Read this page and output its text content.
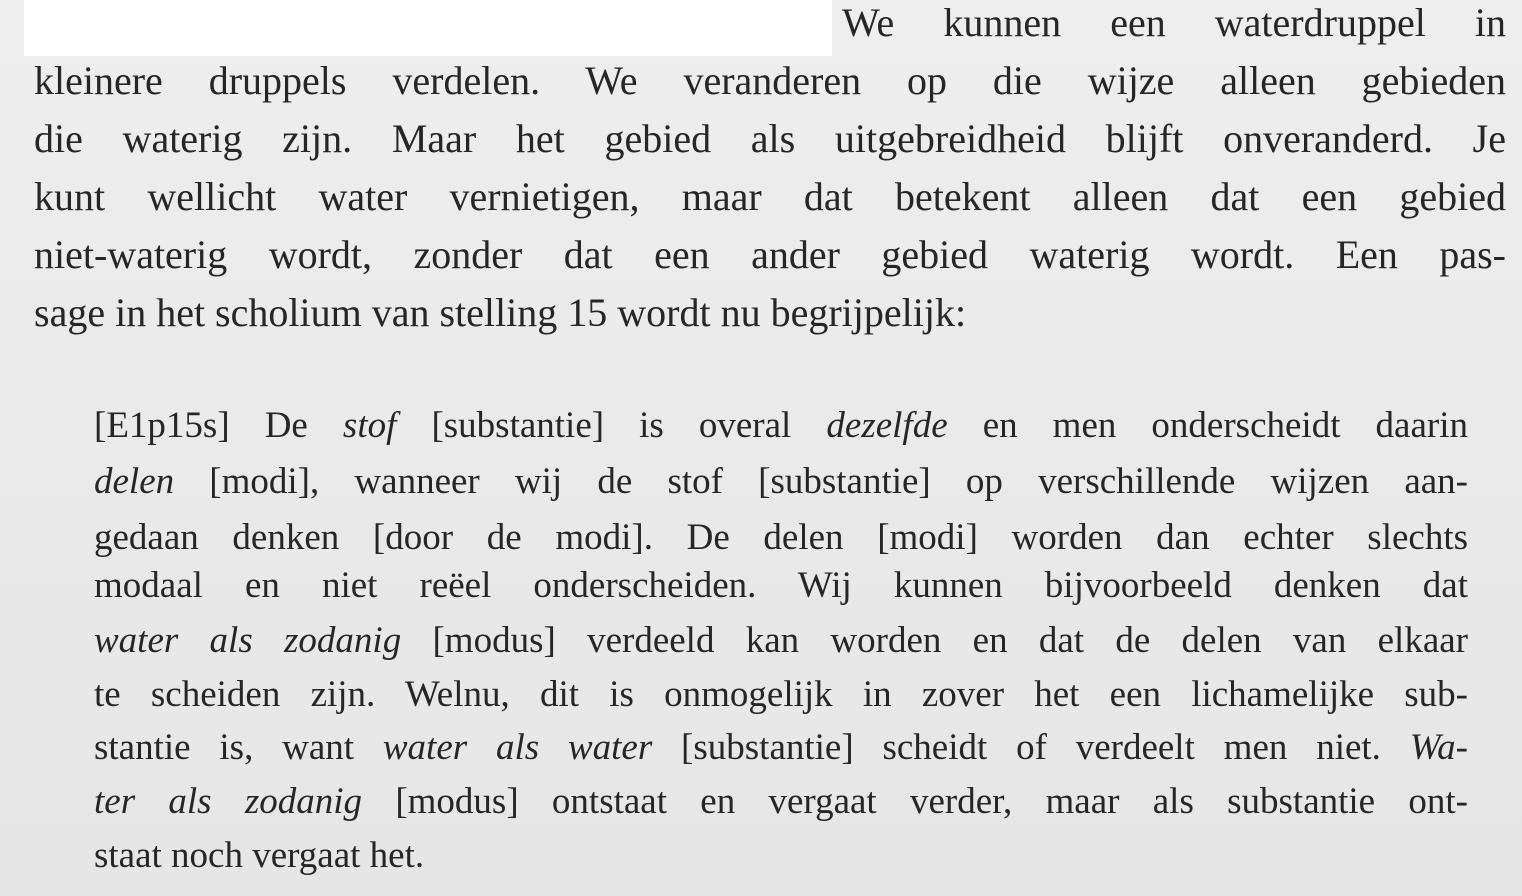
We kunnen een waterdruppel in
kleinere druppels verdelen. We veranderen op die wijze alleen gebieden
die waterig zijn. Maar het gebied als uitgebreidheid blijft onveranderd. Je
kunt wellicht water vernietigen, maar dat betekent alleen dat een gebied
niet-waterig wordt, zonder dat een ander gebied waterig wordt. Een pas-
sage in het scholium van stelling 15 wordt nu begrijpelijk:
[E1p15s] De stof [substantie] is overal dezelfde en men onderscheidt daarin
delen [modi], wanneer wij de stof [substantie] op verschillende wijzen aan-
gedaan denken [door de modi]. De delen [modi] worden dan echter slechts
modaal en niet reëel onderscheiden. Wij kunnen bijvoorbeeld denken dat
water als zodanig [modus] verdeeld kan worden en dat de delen van elkaar
te scheiden zijn. Welnu, dit is onmogelijk in zover het een lichamelijke sub-
stantie is, want water als water [substantie] scheidt of verdeelt men niet. Wa-
ter als zodanig [modus] ontstaat en vergaat verder, maar als substantie ont-
staat noch vergaat het.
